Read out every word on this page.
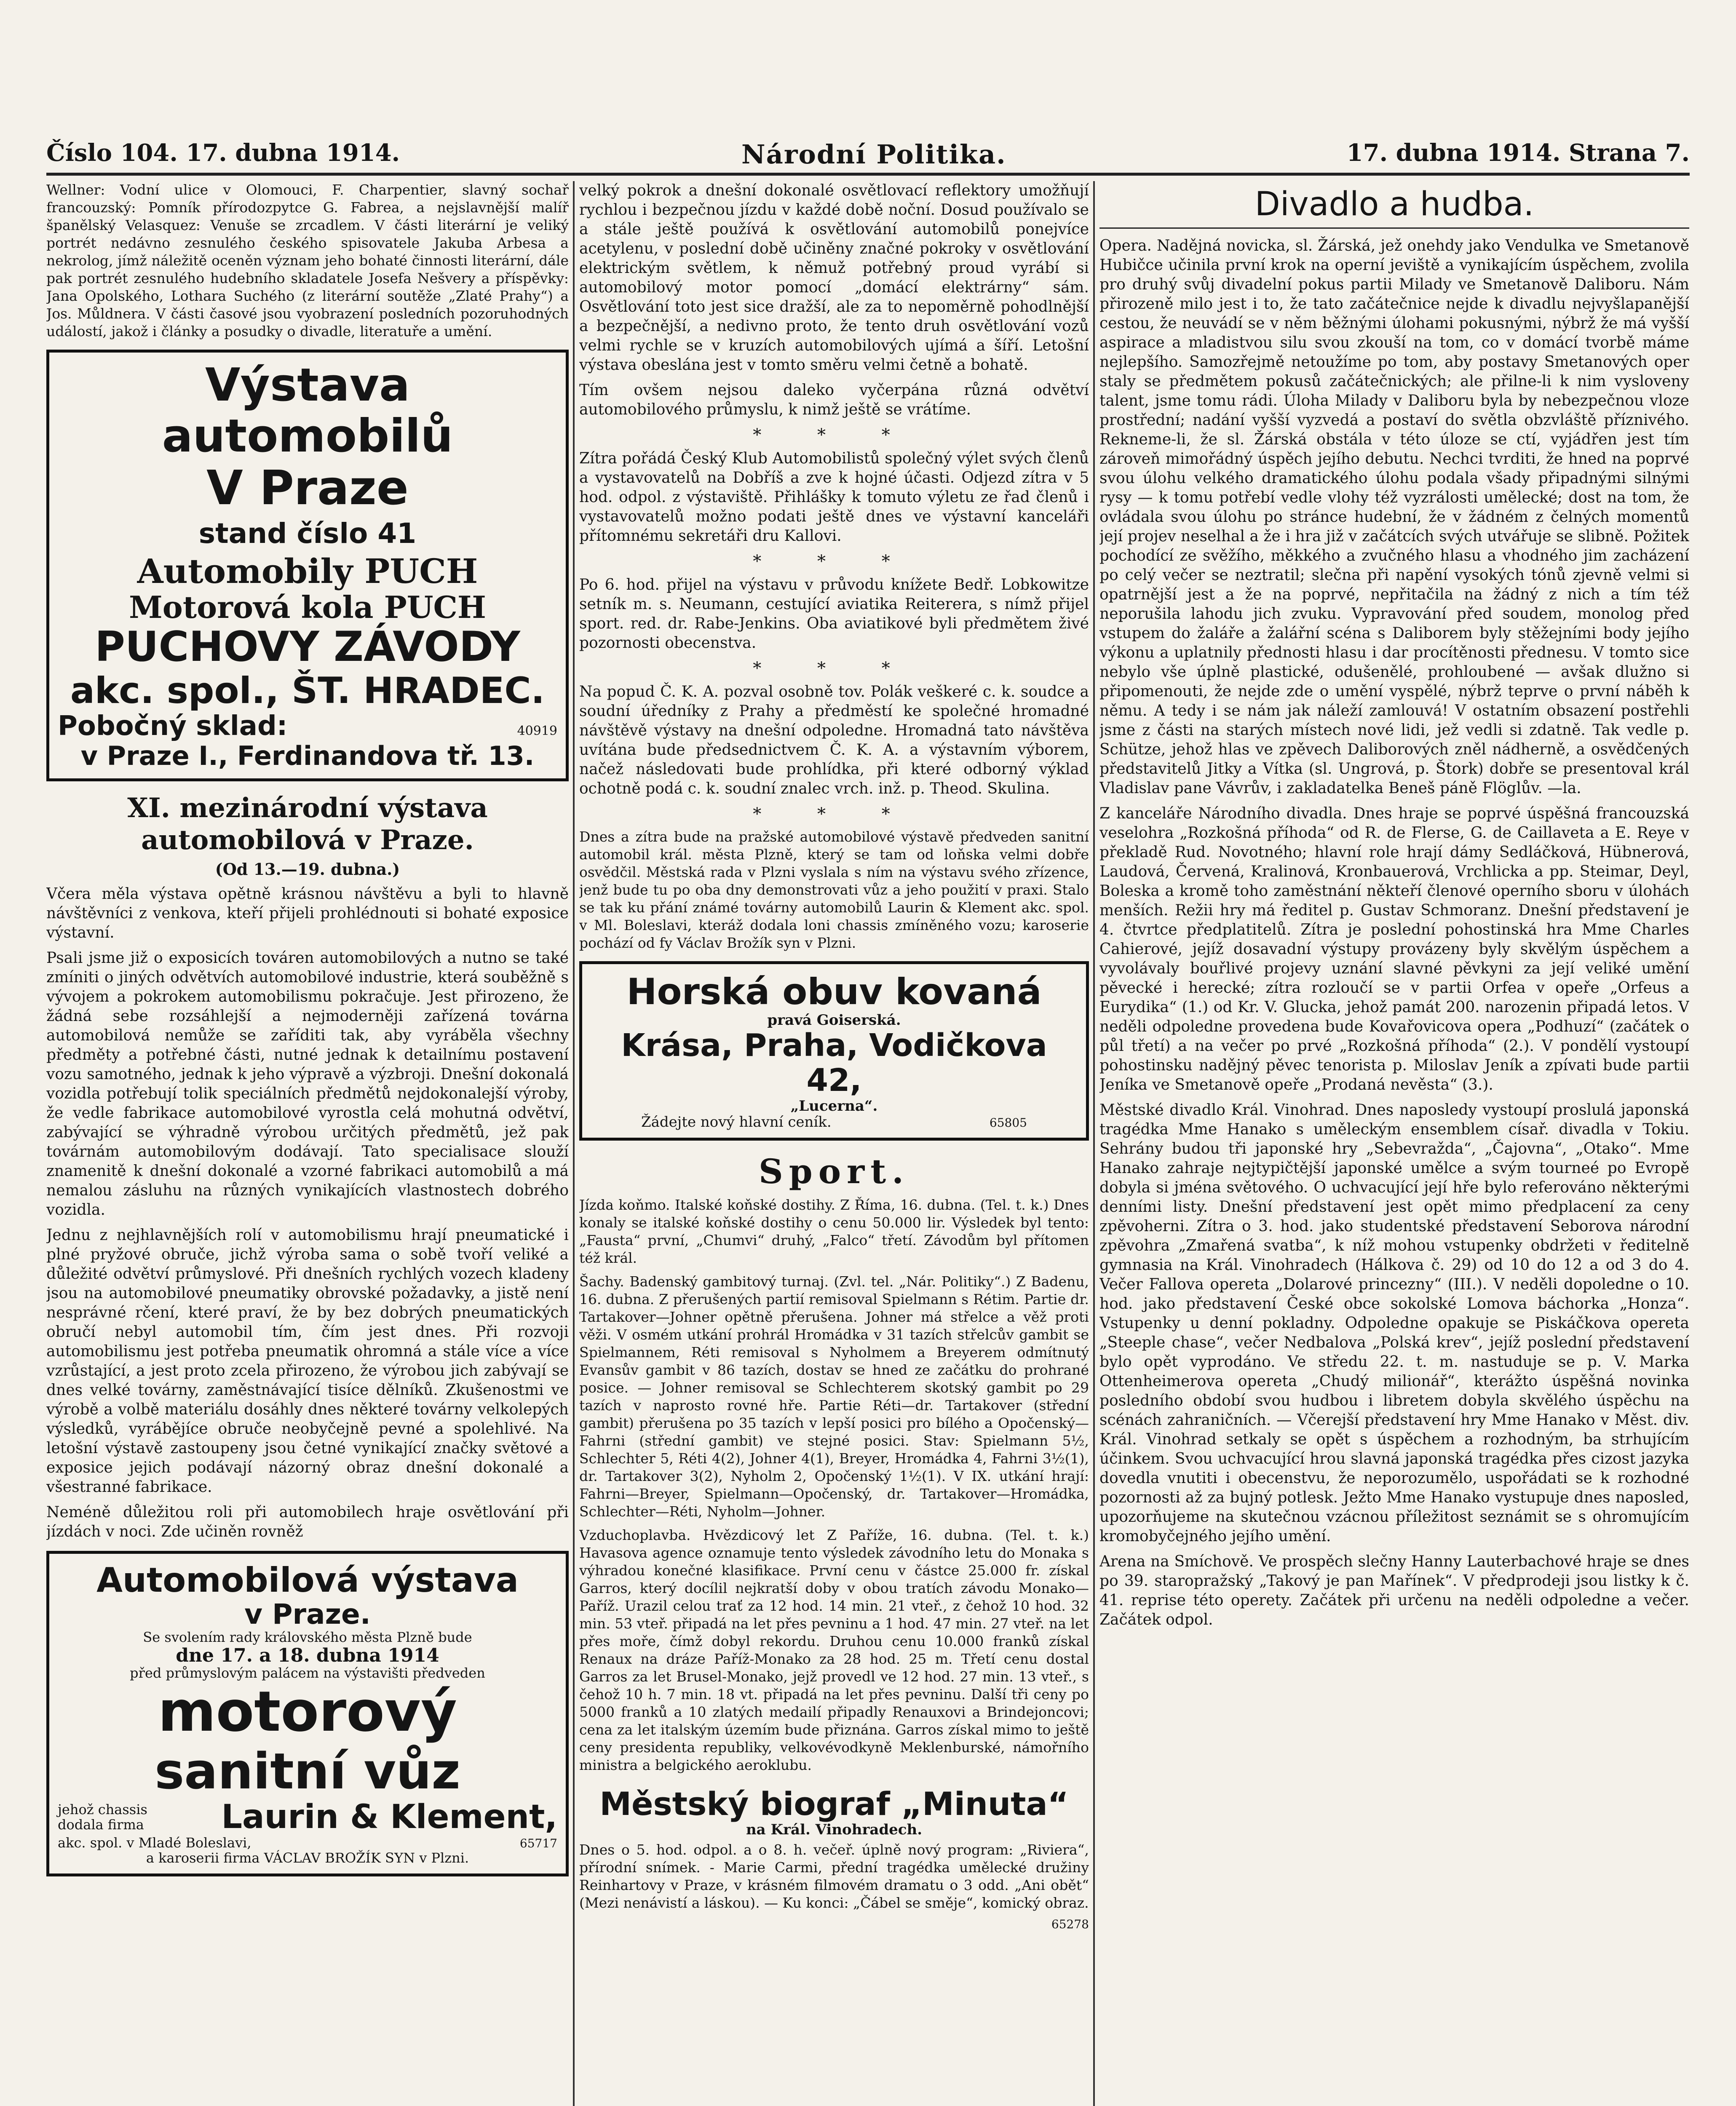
Číslo 104. 17. dubna 1914.	Národní Politika.	17. dubna 1914. Strana 7.

Wellner: Vodní ulice v Olomouci, F. Charpentier, slavný sochař francouzský: Pomník přírodozpytce G. Fabrea, a nejslavnější malíř španělský Velasquez: Venuše se zrcadlem. V části literární je veliký portrét nedávno zesnulého českého spisovatele Jakuba Arbesa a nekrolog, jímž náležitě oceněn význam jeho bohaté činnosti literární, dále pak portrét zesnulého hudebního skladatele Josefa Nešvery a příspěvky: Jana Opolského, Lothara Suchého (z literární soutěže „Zlaté Prahy“) a Jos. Můldnera. V části časové jsou vyobrazení posledních pozoruhodných událostí, jakož i články a posudky o divadle, literatuře a umění.

Výstava automobilů
V Praze
stand číslo 41
Automobily PUCH
Motorová kola PUCH
PUCHOVY ZÁVODY
akc. spol., ŠT. HRADEC.
Pobočný sklad:	40919
v Praze I., Ferdinandova tř. 13.
XI. mezinárodní výstava automobilová v Praze.
(Od 13.—19. dubna.)

Včera měla výstava opětně krásnou návštěvu a byli to hlavně návštěvníci z venkova, kteří přijeli prohlédnouti si bohaté exposice výstavní.

Psali jsme již o exposicích továren automobilových a nutno se také zmíniti o jiných odvětvích automobilové industrie, která souběžně s vývojem a pokrokem automobilismu pokračuje. Jest přirozeno, že žádná sebe rozsáhlejší a nejmoderněji zařízená továrna automobilová nemůže se zaříditi tak, aby vyráběla všechny předměty a potřebné části, nutné jednak k detailnímu postavení vozu samotného, jednak k jeho výpravě a výzbroji. Dnešní dokonalá vozidla potřebují tolik speciálních předmětů nejdokonalejší výroby, že vedle fabrikace automobilové vyrostla celá mohutná odvětví, zabývající se výhradně výrobou určitých předmětů, jež pak továrnám automobilovým dodávají. Tato specialisace slouží znamenitě k dnešní dokonalé a vzorné fabrikaci automobilů a má nemalou zásluhu na různých vynikajících vlastnostech dobrého vozidla.

Jednu z nejhlavnějších rolí v automobilismu hrají pneumatické i plné pryžové obruče, jichž výroba sama o sobě tvoří veliké a důležité odvětví průmyslové. Při dnešních rychlých vozech kladeny jsou na automobilové pneumatiky obrovské požadavky, a jistě není nesprávné rčení, které praví, že by bez dobrých pneumatických obručí nebyl automobil tím, čím jest dnes. Při rozvoji automobilismu jest potřeba pneumatik ohromná a stále více a více vzrůstající, a jest proto zcela přirozeno, že výrobou jich zabývají se dnes velké továrny, zaměstnávající tisíce dělníků. Zkušenostmi ve výrobě a volbě materiálu dosáhly dnes některé továrny velkolepých výsledků, vyrábějíce obruče neobyčejně pevné a spolehlivé. Na letošní výstavě zastoupeny jsou četné vynikající značky světové a exposice jejich podávají názorný obraz dnešní dokonalé a všestranné fabrikace.

Neméně důležitou roli při automobilech hraje osvětlování při jízdách v noci. Zde učiněn rovněž

Automobilová výstava
v Praze.
Se svolením rady královského města Plzně bude
dne 17. a 18. dubna 1914
před průmyslovým palácem na výstavišti předveden
motorový
sanitní vůz
jehož chassis dodala firma	Laurin & Klement,
akc. spol. v Mladé Boleslavi,	65717
a karoserii firma VÁCLAV BROŽÍK SYN v Plzni.

velký pokrok a dnešní dokonalé osvětlovací reflektory umožňují rychlou i bezpečnou jízdu v každé době noční. Dosud používalo se a stále ještě používá k osvětlování automobilů ponejvíce acetylenu, v poslední době učiněny značné pokroky v osvětlování elektrickým světlem, k němuž potřebný proud vyrábí si automobilový motor pomocí „domácí elektrárny“ sám. Osvětlování toto jest sice dražší, ale za to nepoměrně pohodlnější a bezpečnější, a nedivno proto, že tento druh osvětlování vozů velmi rychle se v kruzích automobilových ujímá a šíří. Letošní výstava obeslána jest v tomto směru velmi četně a bohatě.

Tím ovšem nejsou daleko vyčerpána různá odvětví automobilového průmyslu, k nimž ještě se vrátíme.

* * *

Zítra pořádá Český Klub Automobilistů společný výlet svých členů a vystavovatelů na Dobříš a zve k hojné účasti. Odjezd zítra v 5 hod. odpol. z výstaviště. Přihlášky k tomuto výletu ze řad členů i vystavovatelů možno podati ještě dnes ve výstavní kanceláři přítomnému sekretáři dru Kallovi.

* * *

Po 6. hod. přijel na výstavu v průvodu knížete Bedř. Lobkowitze setník m. s. Neumann, cestující aviatika Reiterera, s nímž přijel sport. red. dr. Rabe-Jenkins. Oba aviatikové byli předmětem živé pozornosti obecenstva.

* * *

Na popud Č. K. A. pozval osobně tov. Polák veškeré c. k. soudce a soudní úředníky z Prahy a předměstí ke společné hromadné návštěvě výstavy na dnešní odpoledne. Hromadná tato návštěva uvítána bude předsednictvem Č. K. A. a výstavním výborem, načež následovati bude prohlídka, při které odborný výklad ochotně podá c. k. soudní znalec vrch. inž. p. Theod. Skulina.

* * *

Dnes a zítra bude na pražské automobilové výstavě předveden sanitní automobil král. města Plzně, který se tam od loňska velmi dobře osvědčil. Městská rada v Plzni vyslala s ním na výstavu svého zřízence, jenž bude tu po oba dny demonstrovati vůz a jeho použití v praxi. Stalo se tak ku přání známé továrny automobilů Laurin & Klement akc. spol. v Ml. Boleslavi, kteráž dodala loni chassis zmíněného vozu; karoserie pochází od fy Václav Brožík syn v Plzni.

Horská obuv kovaná
pravá Goiserská.
Krása, Praha, Vodičkova 42,
„Lucerna“.
Žádejte nový hlavní ceník.	65805
Sport.

Jízda koňmo. Italské koňské dostihy. Z Říma, 16. dubna. (Tel. t. k.) Dnes konaly se italské koňské dostihy o cenu 50.000 lir. Výsledek byl tento: „Fausta“ první, „Chumvi“ druhý, „Falco“ třetí. Závodům byl přítomen též král.

Šachy. Badenský gambitový turnaj. (Zvl. tel. „Nár. Politiky“.) Z Badenu, 16. dubna. Z přerušených partií remisoval Spielmann s Rétim. Partie dr. Tartakover—Johner opětně přerušena. Johner má střelce a věž proti věži. V osmém utkání prohrál Hromádka v 31 tazích střelcův gambit se Spielmannem, Réti remisoval s Nyholmem a Breyerem odmítnutý Evansův gambit v 86 tazích, dostav se hned ze začátku do prohrané posice. — Johner remisoval se Schlechterem skotský gambit po 29 tazích v naprosto rovné hře. Partie Réti—dr. Tartakover (střední gambit) přerušena po 35 tazích v lepší posici pro bílého a Opočenský—Fahrni (střední gambit) ve stejné posici. Stav: Spielmann 5½, Schlechter 5, Réti 4(2), Johner 4(1), Breyer, Hromádka 4, Fahrni 3½(1), dr. Tartakover 3(2), Nyholm 2, Opočenský 1½(1). V IX. utkání hrají: Fahrni—Breyer, Spielmann—Opočenský, dr. Tartakover—Hromádka, Schlechter—Réti, Nyholm—Johner.

Vzduchoplavba. Hvězdicový let Z Paříže, 16. dubna. (Tel. t. k.) Havasova agence oznamuje tento výsledek závodního letu do Monaka s výhradou konečné klasifikace. První cenu v částce 25.000 fr. získal Garros, který docílil nejkratší doby v obou tratích závodu Monako—Paříž. Urazil celou trať za 12 hod. 14 min. 21 vteř., z čehož 10 hod. 32 min. 53 vteř. připadá na let přes pevninu a 1 hod. 47 min. 27 vteř. na let přes moře, čímž dobyl rekordu. Druhou cenu 10.000 franků získal Renaux na dráze Paříž-Monako za 28 hod. 25 m. Třetí cenu dostal Garros za let Brusel-Monako, jejž provedl ve 12 hod. 27 min. 13 vteř., s čehož 10 h. 7 min. 18 vt. připadá na let přes pevninu. Další tři ceny po 5000 franků a 10 zlatých medailí připadly Renauxovi a Brindejoncovi; cena za let italským územím bude přiznána. Garros získal mimo to ještě ceny presidenta republiky, velkovévodkyně Meklenburské, námořního ministra a belgického aeroklubu.

Městský biograf „Minuta“
na Král. Vinohradech.

Dnes o 5. hod. odpol. a o 8. h. večeř. úplně nový program: „Riviera“, přírodní snímek. - Marie Carmi, přední tragédka umělecké družiny Reinhartovy v Praze, v krásném filmovém dramatu o 3 odd. „Ani obět“ (Mezi nenávistí a láskou). — Ku konci: „Čábel se směje“, komický obraz.

65278
Divadlo a hudba.

Opera. Nadějná novicka, sl. Žárská, jež onehdy jako Vendulka ve Smetanově Hubičce učinila první krok na operní jeviště a vynikajícím úspěchem, zvolila pro druhý svůj divadelní pokus partii Milady ve Smetanově Daliboru. Nám přirozeně milo jest i to, že tato začátečnice nejde k divadlu nejvyšlapanější cestou, že neuvádí se v něm běžnými úlohami pokusnými, nýbrž že má vyšší aspirace a mladistvou silu svou zkouší na tom, co v domácí tvorbě máme nejlepšího. Samozřejmě netoužíme po tom, aby postavy Smetanových oper staly se předmětem pokusů začátečnických; ale přilne-li k nim vysloveny talent, jsme tomu rádi. Úloha Milady v Daliboru byla by nebezpečnou vloze prostřední; nadání vyšší vyzvedá a postaví do světla obzvláště příznivého. Rekneme-li, že sl. Žárská obstála v této úloze se ctí, vyjádřen jest tím zároveň mimořádný úspěch jejího debutu. Nechci tvrditi, že hned na poprvé svou úlohu velkého dramatického úlohu podala všady připadnými silnými rysy — k tomu potřebí vedle vlohy též vyzrálosti umělecké; dost na tom, že ovládala svou úlohu po stránce hudební, že v žádném z čelných momentů její projev neselhal a že i hra již v začátcích svých utvářuje se slibně. Požitek pochodící ze svěžího, měkkého a zvučného hlasu a vhodného jim zacházení po celý večer se neztratil; slečna při napění vysokých tónů zjevně velmi si opatrnější jest a že na poprvé, nepřitačila na žádný z nich a tím též neporušila lahodu jich zvuku. Vypravování před soudem, monolog před vstupem do žaláře a žalářní scéna s Daliborem byly stěžejními body jejího výkonu a uplatnily přednosti hlasu i dar procítěnosti přednesu. V tomto sice nebylo vše úplně plastické, odušenělé, prohloubené — avšak dlužno si připomenouti, že nejde zde o umění vyspělé, nýbrž teprve o první náběh k němu. A tedy i se nám jak náleží zamlouvá! V ostatním obsazení postřehli jsme z části na starých místech nové lidi, jež vedli si zdatně. Tak vedle p. Schütze, jehož hlas ve zpěvech Daliborových zněl nádherně, a osvědčených představitelů Jitky a Vítka (sl. Ungrová, p. Štork) dobře se presentoval král Vladislav pane Vávrův, i zakladatelka Beneš páně Flöglův. —la.

Z kanceláře Národního divadla. Dnes hraje se poprvé úspěšná francouzská veselohra „Rozkošná příhoda“ od R. de Flerse, G. de Caillaveta a E. Reye v překladě Rud. Novotného; hlavní role hrají dámy Sedláčková, Hübnerová, Laudová, Červená, Kralinová, Kronbauerová, Vrchlicka a pp. Steimar, Deyl, Boleska a kromě toho zaměstnání někteří členové operního sboru v úlohách menších. Režii hry má ředitel p. Gustav Schmoranz. Dnešní představení je 4. čtvrtce předplatitelů. Zítra je poslední pohostinská hra Mme Charles Cahierové, jejíž dosavadní výstupy provázeny byly skvělým úspěchem a vyvolávaly bouřlivé projevy uznání slavné pěvkyni za její veliké umění pěvecké i herecké; zítra rozloučí se v partii Orfea v opeře „Orfeus a Eurydika“ (1.) od Kr. V. Glucka, jehož památ 200. narozenin připadá letos. V neděli odpoledne provedena bude Kovařovicova opera „Podhuzí“ (začátek o půl třetí) a na večer po prvé „Rozkošná příhoda“ (2.). V pondělí vystoupí pohostinsku nadějný pěvec tenorista p. Miloslav Jeník a zpívati bude partii Jeníka ve Smetanově opeře „Prodaná nevěsta“ (3.).

Městské divadlo Král. Vinohrad. Dnes naposledy vystoupí proslulá japonská tragédka Mme Hanako s uměleckým ensemblem císař. divadla v Tokiu. Sehrány budou tři japonské hry „Sebevražda“, „Čajovna“, „Otako“. Mme Hanako zahraje nejtypičtější japonské umělce a svým tourneé po Evropě dobyla si jména světového. O uchvacující její hře bylo referováno některými denními listy. Dnešní představení jest opět mimo předplacení za ceny zpěvohernі. Zítra o 3. hod. jako studentské představení Seborova národní zpěvohra „Zmařená svatba“, k níž mohou vstupenky obdržeti v ředitelně gymnasia na Král. Vinohradech (Hálkova č. 29) od 10 do 12 a od 3 do 4. Večer Fallova opereta „Dolarové princezny“ (III.). V neděli dopoledne o 10. hod. jako představení České obce sokolské Lomova báchorka „Honza“. Vstupenky u denní pokladny. Odpoledne opakuje se Piskáčkova opereta „Steeple chase“, večer Nedbalova „Polská krev“, jejíž poslední představení bylo opět vyprodáno. Ve středu 22. t. m. nastuduje se p. V. Marka Ottenheimerova opereta „Chudý milionář“, kterážto úspěšná novinka posledního období svou hudbou i libretem dobyla skvělého úspěchu na scénách zahraničních. — Včerejší představení hry Mme Hanako v Měst. div. Král. Vinohrad setkaly se opět s úspěchem a rozhodným, ba strhujícím účinkem. Svou uchvacující hrou slavná japonská tragédka přes cizost jazyka dovedla vnutiti i obecenstvu, že neporozumělo, uspořádati se k rozhodné pozornosti až za bujný potlesk. Ježto Mme Hanako vystupuje dnes naposled, upozorňujeme na skutečnou vzácnou příležitost seznámit se s ohromujícím kromobyčejného jejího umění.

Arena na Smíchově. Ve prospěch slečny Hanny Lauterbachové hraje se dnes po 39. staropražský „Takový je pan Mařínek“. V předprodeji jsou listky k č. 41. reprise této operety. Začátek při určenu na neděli odpoledne a večer. Začátek odpol.
